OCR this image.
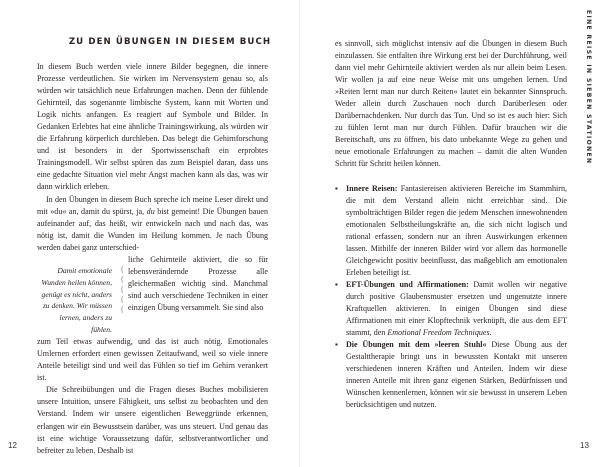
ZU DEN ÜBUNGEN IN DIESEM BUCH

In diesem Buch werden viele innere Bilder begegnen, die innere Prozesse verdeutlichen. Sie wirken im Nervensystem genau so, als würden wir tatsächlich neue Erfahrungen machen. Denn der fühlende Gehirnteil, das sogenannte limbische System, kann mit Worten und Logik nichts anfangen. Es reagiert auf Symbole und Bilder. In Gedanken Erlebtes hat eine ähnliche Trainingswirkung, als würden wir die Erfahrung körperlich durchleben. Das belegt die Gehirnforschung und ist besonders in der Sportwissenschaft ein erprobtes Trainingsmodell. Wir selbst spüren das zum Beispiel daran, dass uns eine gedachte Situation viel mehr Angst machen kann als das, was wir dann wirklich erleben.

In den Übungen in diesem Buch spreche ich meine Leser direkt und mit »du« an, damit du spürst, ja, du bist gemeint! Die Übungen bauen aufeinander auf, das heißt, wir entwickeln nach und nach das, was nötig ist, damit die Wunden im Heilung kommen. Je nach Übung werden dabei ganz unterschied-

Damit emotionale Wunden heilen können, genügt es nicht, anders zu denken. Wir müssen lernen, anders zu fühlen.
{
{
{
{
{
liche Gehirnteile aktiviert, die so für lebensverändernde Prozesse alle gleichermaßen wichtig sind. Manchmal sind auch verschiedene Techniken in einer einzigen Übung versammelt. Sie sind also

zum Teil etwas aufwendig, und das ist auch nötig. Emotionales Umlernen erfordert einen gewissen Zeitaufwand, weil so viele innere Anteile beteiligt sind und weil das Fühlen so tief im Gehirn verankert ist.

Die Schreibübungen und die Fragen dieses Buches mobilisieren unsere Intuition, unsere Fähigkeit, uns selbst zu beobachten und den Verstand. Indem wir unsere eigentlichen Beweggründe erkennen, erlangen wir ein Bewusstsein darüber, was uns steuert. Und genau das ist eine wichtige Voraussetzung dafür, selbstverantwortlicher und befreiter zu leben. Deshalb ist

12

es sinnvoll, sich möglichst intensiv auf die Übungen in diesem Buch einzulassen. Sie entfalten ihre Wirkung erst bei der Durchführung, weil dann viel mehr Gehirnteile aktiviert werden als nur allein beim Lesen. Wir wollen ja auf eine neue Weise mit uns umgehen lernen. Und »Reiten lernt man nur durch Reiten« lautet ein bekannter Sinnspruch. Weder allein durch Zuschauen noch durch Darüberlesen oder Darübernachdenken. Nur durch das Tun. Und so ist es auch hier: Sich zu fühlen lernt man nur durch Fühlen. Dafür brauchen wir die Bereitschaft, uns zu öffnen, bis dato unbekannte Wege zu gehen und neue emotionale Erfahrungen zu machen – damit die alten Wunden Schritt für Schritt heilen können.

▪ Innere Reisen: Fantasiereisen aktivieren Bereiche im Stammhirn, die mit dem Verstand allein nicht erreichbar sind. Die symbolträchtigen Bilder regen die jedem Menschen innewohnenden emotionalen Selbstheilungskräfte an, die sich nicht logisch und rational erfassen, sondern nur an ihren Auswirkungen erkennen lassen. Mithilfe der inneren Bilder wird vor allem das hormonelle Gleichgewicht positiv beeinflusst, das maßgeblich am emotionalen Erleben beteiligt ist.
▪ EFT-Übungen und Affirmationen: Damit wollen wir negative durch positive Glaubensmuster ersetzen und ungenutzte innere Kraftquellen aktivieren. In einigen Übungen sind diese Affirmationen mit einer Klopftechnik verknüpft, die aus dem EFT stammt, den Emotional Freedom Techniques.
▪ Die Übungen mit dem »leeren Stuhl« Diese Übung aus der Gestalttherapie bringt uns in bewussten Kontakt mit unseren verschiedenen inneren Kräften und Anteilen. Indem wir diese inneren Anteile mit ihren ganz eigenen Stärken, Bedürfnissen und Wünschen kennenlernen, können wir sie bewusst in unserem Leben berücksichtigen und nutzen.
13
EINE REISE IN SIEBEN STATIONEN
